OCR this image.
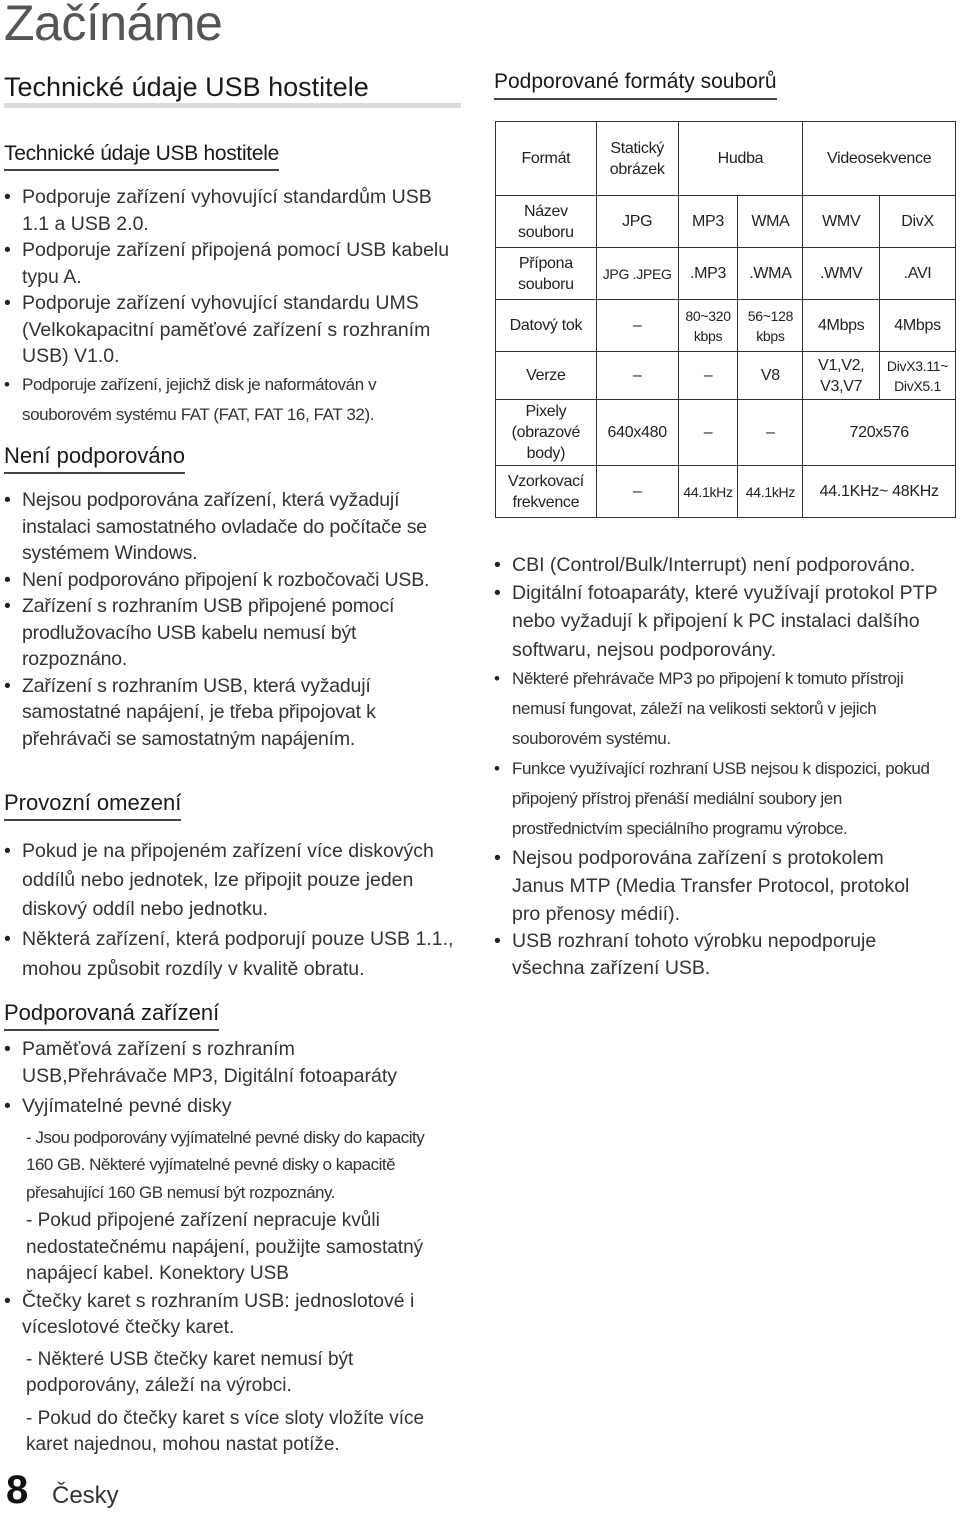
Začínáme
Technické údaje USB hostitele
Technické údaje USB hostitele
• Podporuje zařízení vyhovující standardům USB 1.1 a USB 2.0.
• Podporuje zařízení připojená pomocí USB kabelu typu A.
• Podporuje zařízení vyhovující standardu UMS (Velkokapacitní paměťové zařízení s rozhraním USB) V1.0.
• Podporuje zařízení, jejichž disk je naformátován v souborovém systému FAT (FAT, FAT 16, FAT 32).
Není podporováno
• Nejsou podporována zařízení, která vyžadují instalaci samostatného ovladače do počítače se systémem Windows.
• Není podporováno připojení k rozbočovači USB.
• Zařízení s rozhraním USB připojené pomocí prodlužovacího USB kabelu nemusí být rozpoznáno.
• Zařízení s rozhraním USB, která vyžadují samostatné napájení, je třeba připojovat k přehrávači se samostatným napájením.
Provozní omezení
• Pokud je na připojeném zařízení více diskových oddílů nebo jednotek, lze připojit pouze jeden diskový oddíl nebo jednotku.
• Některá zařízení, která podporují pouze USB 1.1., mohou způsobit rozdíly v kvalitě obratu.
Podporovaná zařízení
• Paměťová zařízení s rozhraním USB,Přehrávače MP3, Digitální fotoaparáty
• Vyjímatelné pevné disky
- Jsou podporovány vyjímatelné pevné disky do kapacity 160 GB. Některé vyjímatelné pevné disky o kapacitě přesahující 160 GB nemusí být rozpoznány.
- Pokud připojené zařízení nepracuje kvůli nedostatečnému napájení, použijte samostatný napájecí kabel. Konektory USB
• Čtečky karet s rozhraním USB: jednoslotové i víceslotové čtečky karet.
- Některé USB čtečky karet nemusí být podporovány, záleží na výrobci.
- Pokud do čtečky karet s více sloty vložíte více karet najednou, mohou nastat potíže.
Podporované formáty souborů
Formát	Statický obrázek	Hudba		Videosekvence	
Název souboru	JPG	MP3	WMA	WMV	DivX
Přípona souboru	JPG .JPEG	.MP3	.WMA	.WMV	.AVI
Datový tok	–	80~320 kbps	56~128 kbps	4Mbps	4Mbps
Verze	–	–	V8	V1,V2, V3,V7	DivX3.11~ DivX5.1
Pixely (obrazové body)	640x480	–	–	720x576	
Vzorkovací frekvence	–	44.1kHz	44.1kHz	44.1KHz~ 48KHz	
• CBI (Control/Bulk/Interrupt) není podporováno.
• Digitální fotoaparáty, které využívají protokol PTP nebo vyžadují k připojení k PC instalaci dalšího softwaru, nejsou podporovány.
• Některé přehrávače MP3 po připojení k tomuto přístroji nemusí fungovat, záleží na velikosti sektorů v jejich souborovém systému.
• Funkce využívající rozhraní USB nejsou k dispozici, pokud připojený přístroj přenáší mediální soubory jen prostřednictvím speciálního programu výrobce.
• Nejsou podporována zařízení s protokolem Janus MTP (Media Transfer Protocol, protokol pro přenosy médií).
• USB rozhraní tohoto výrobku nepodporuje všechna zařízení USB.
8 Česky
